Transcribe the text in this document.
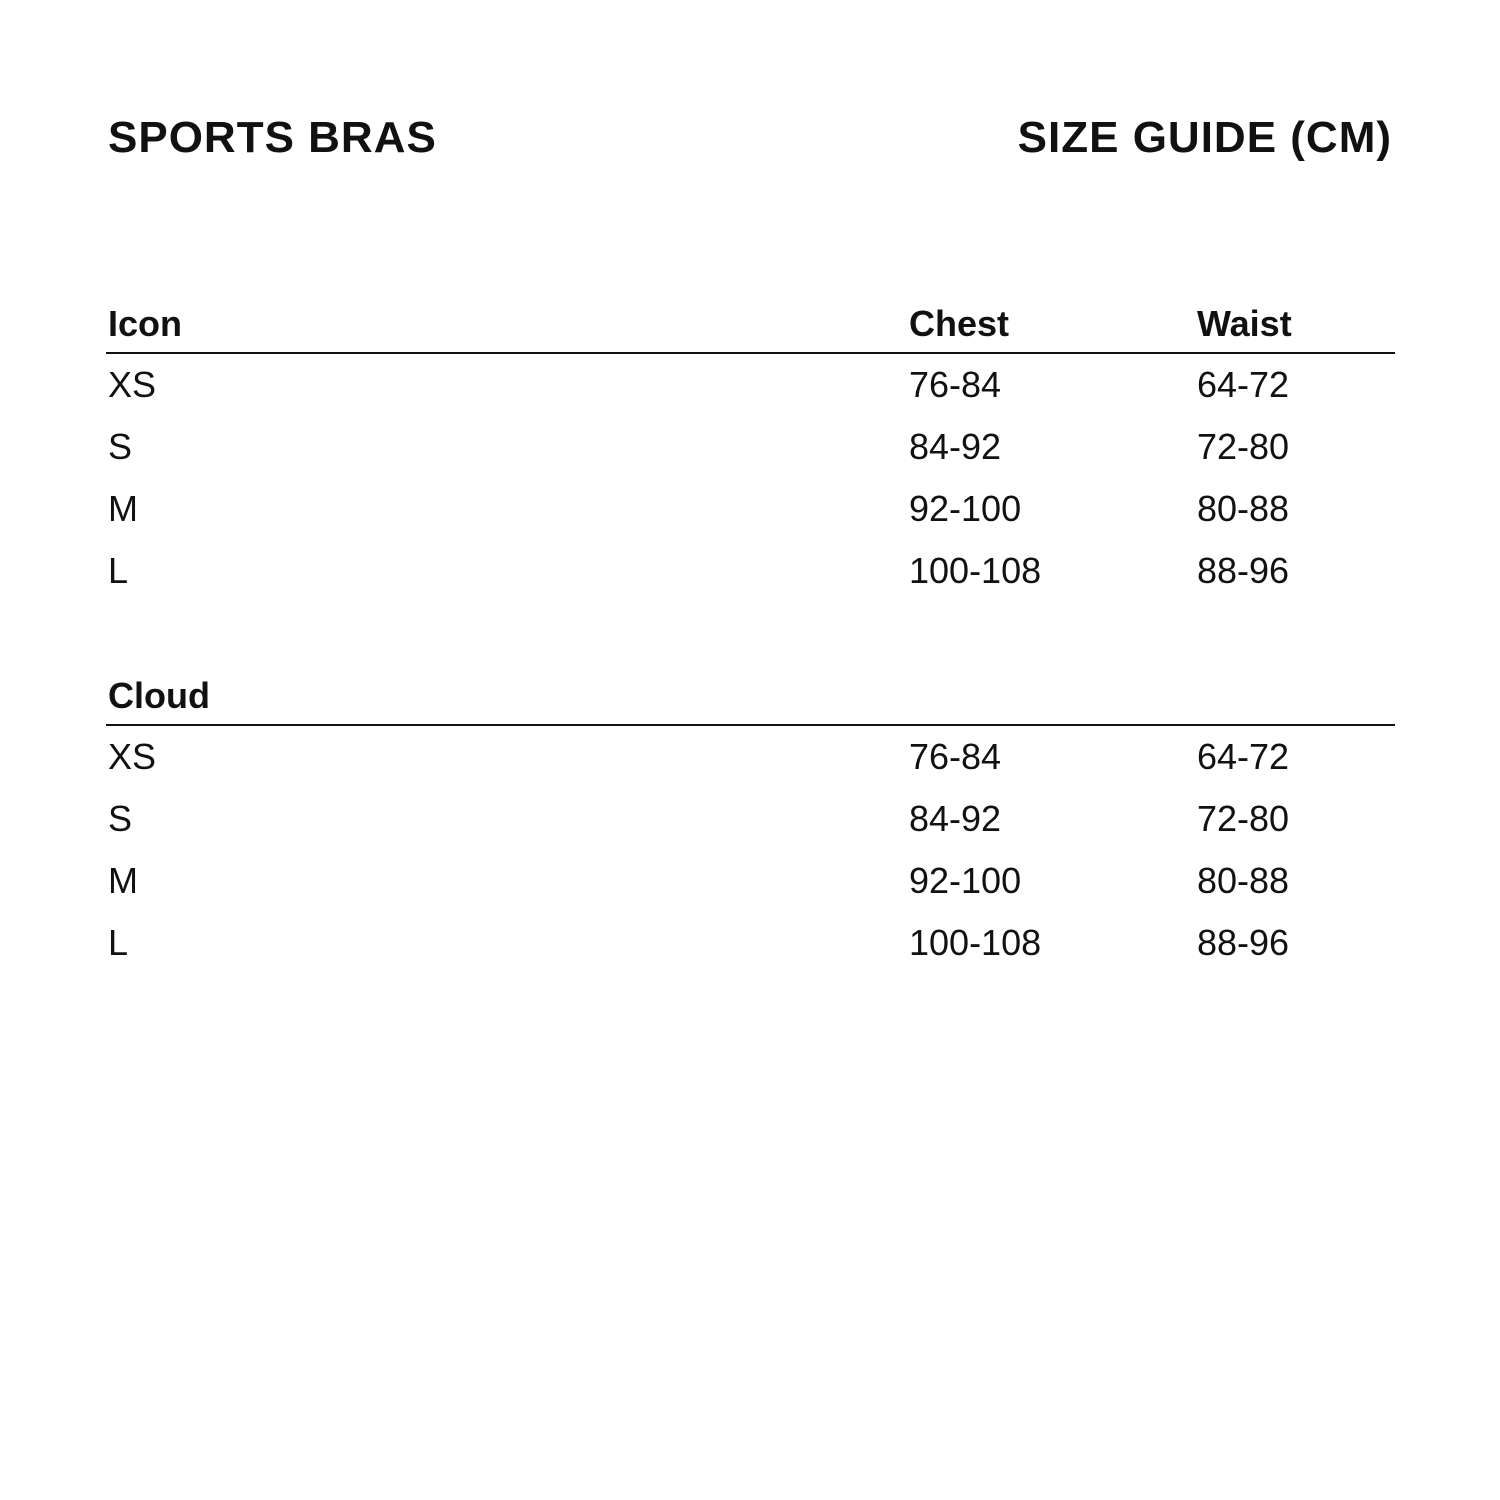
SPORTS BRAS	SIZE GUIDE (CM)
Icon	Chest	Waist
XS	76-84	64-72
S	84-92	72-80
M	92-100	80-88
L	100-108	88-96
Cloud
XS	76-84	64-72
S	84-92	72-80
M	92-100	80-88
L	100-108	88-96
